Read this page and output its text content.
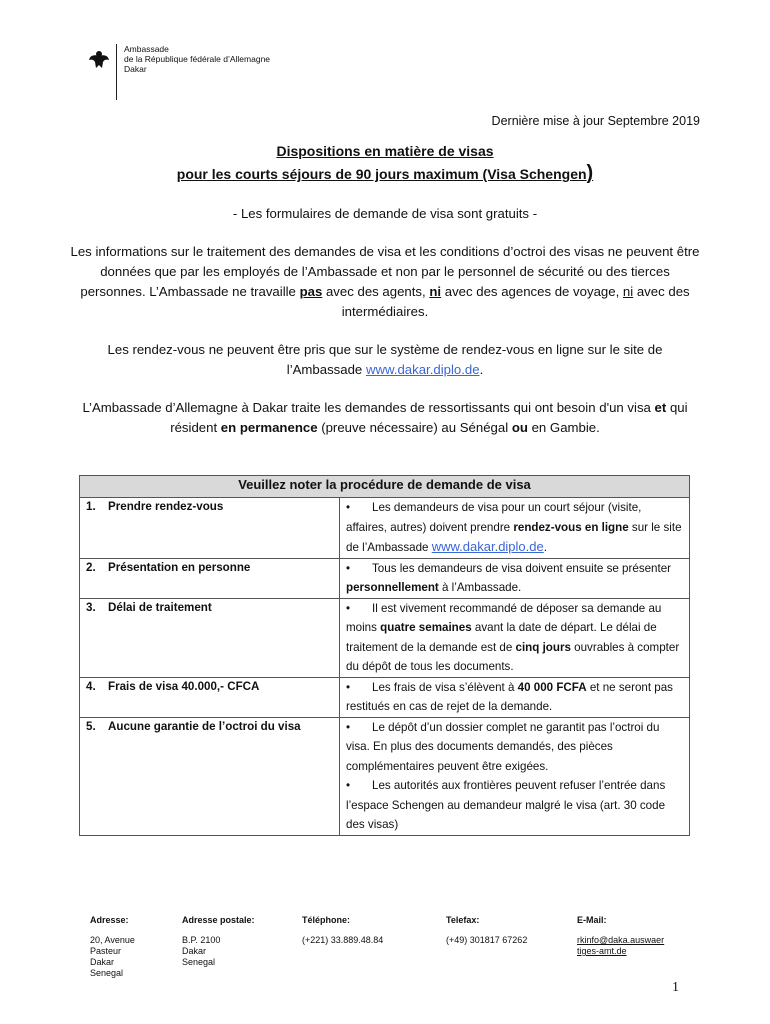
Ambassade
de la République fédérale d’Allemagne
Dakar
Dernière mise à jour Septembre 2019
Dispositions en matière de visas
pour les courts séjours de 90 jours maximum (Visa Schengen)
- Les formulaires de demande de visa sont gratuits -
Les informations sur le traitement des demandes de visa et les conditions d’octroi des visas ne peuvent être données que par les employés de l’Ambassade et non par le personnel de sécurité ou des tierces personnes. L’Ambassade ne travaille pas avec des agents, ni avec des agences de voyage, ni avec des intermédiaires.
Les rendez-vous ne peuvent être pris que sur le système de rendez-vous en ligne sur le site de l’Ambassade www.dakar.diplo.de.
L’Ambassade d’Allemagne à Dakar traite les demandes de ressortissants qui ont besoin d'un visa et qui résident en permanence (preuve nécessaire) au Sénégal ou en Gambie.
Veuillez noter la procédure de demande de visa	
1. Prendre rendez-vous	• Les demandeurs de visa pour un court séjour (visite, affaires, autres) doivent prendre rendez-vous en ligne sur le site de l’Ambassade www.dakar.diplo.de.
2. Présentation en personne	• Tous les demandeurs de visa doivent ensuite se présenter personnellement à l’Ambassade.
3. Délai de traitement	• Il est vivement recommandé de déposer sa demande au moins quatre semaines avant la date de départ. Le délai de traitement de la demande est de cinq jours ouvrables à compter du dépôt de tous les documents.
4. Frais de visa 40.000,- CFCA	• Les frais de visa s’élèvent à 40 000 FCFA et ne seront pas restitués en cas de rejet de la demande.
5. Aucune garantie de l’octroi du visa	• Le dépôt d’un dossier complet ne garantit pas l’octroi du visa. En plus des documents demandés, des pièces complémentaires peuvent être exigées.
• Les autorités aux frontières peuvent refuser l’entrée dans l’espace Schengen au demandeur malgré le visa (art. 30 code des visas)
Adresse:
20, Avenue
Pasteur
Dakar
Senegal
Adresse postale:
B.P. 2100
Dakar
Senegal
Téléphone:
(+221) 33.889.48.84
Telefax:
(+49) 301817 67262
E-Mail:
rkinfo@daka.auswaer
tiges-amt.de
1
